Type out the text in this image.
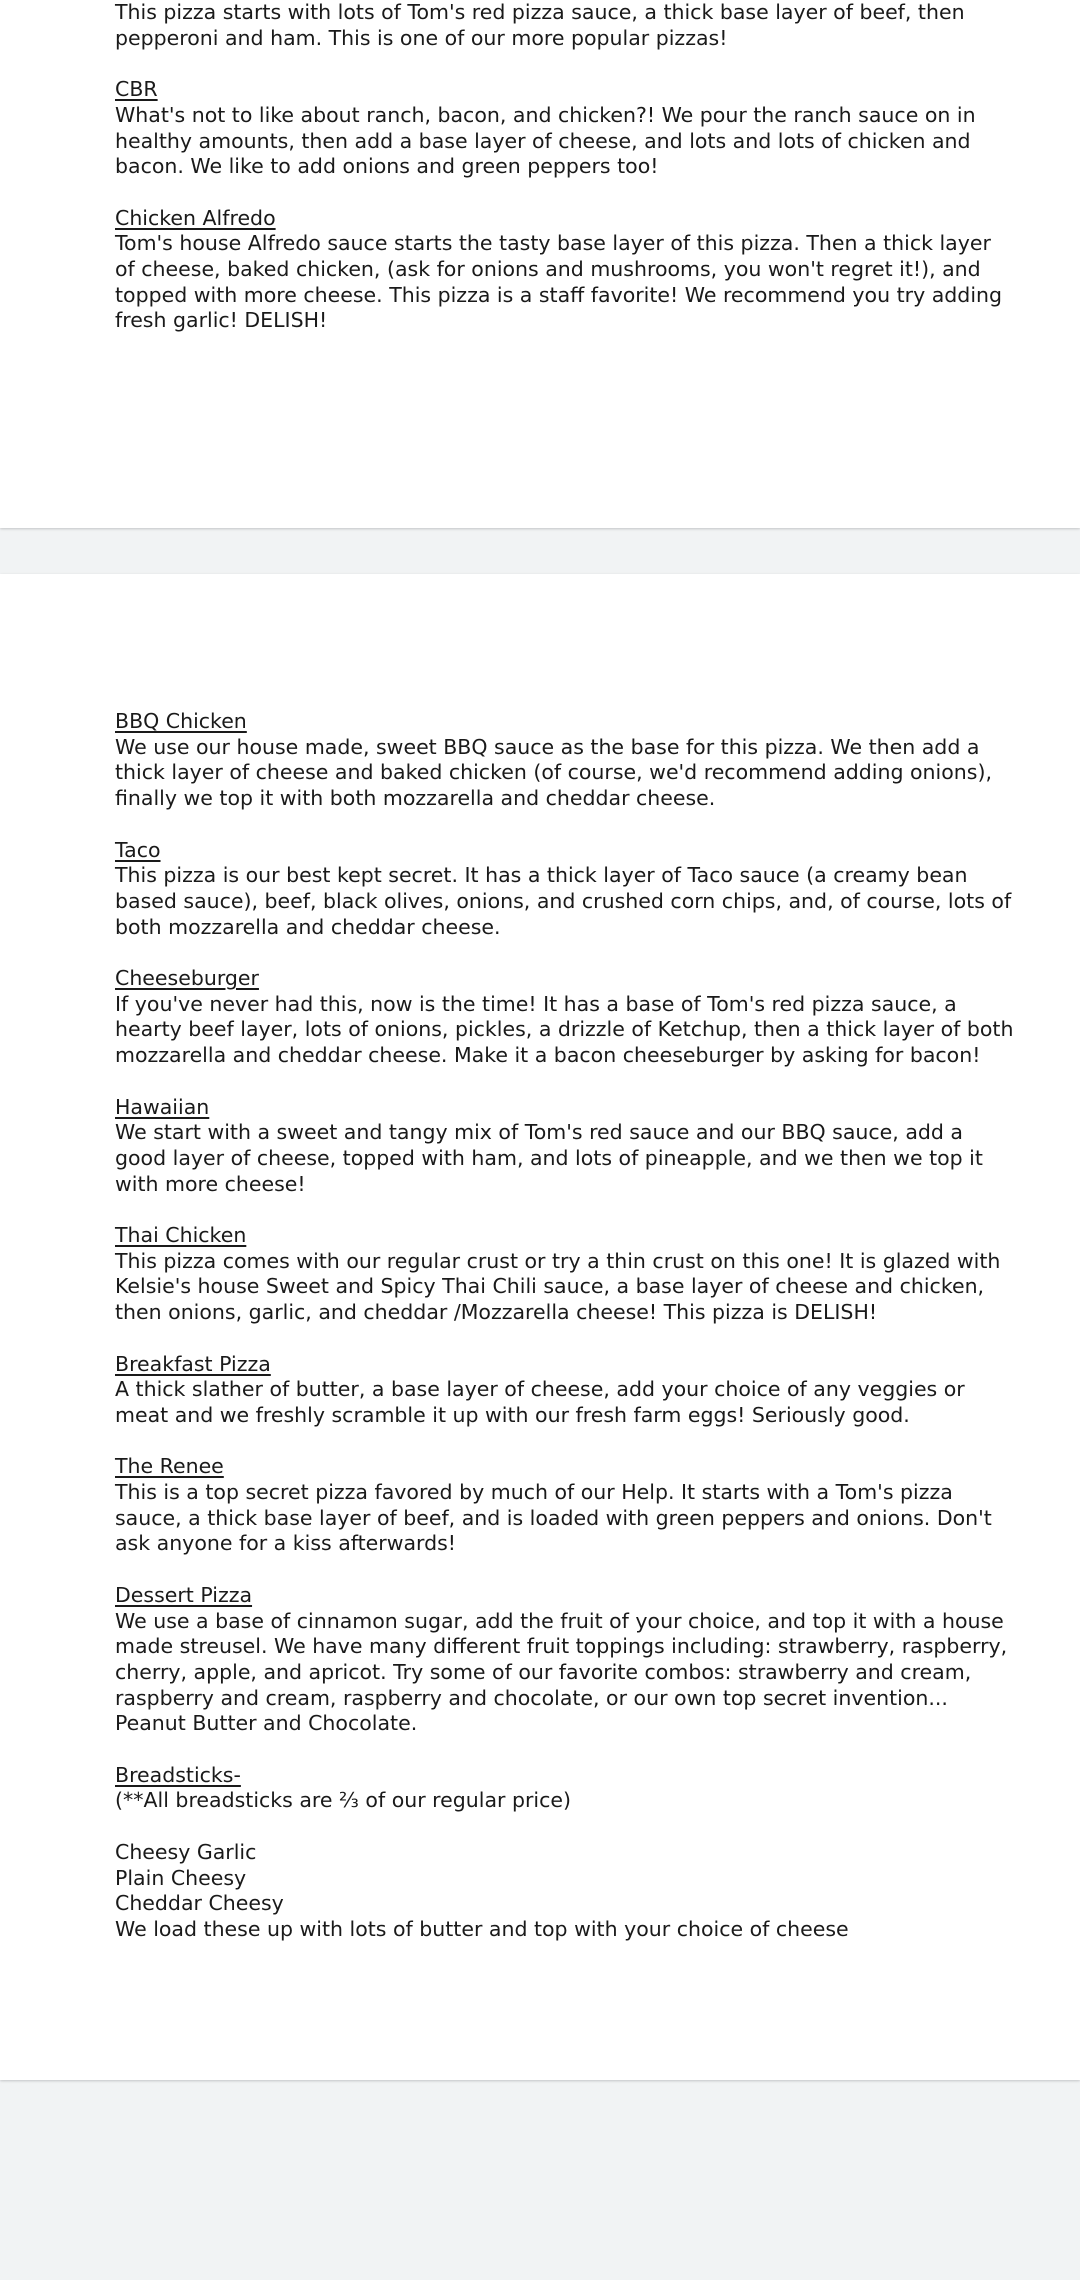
This pizza starts with lots of Tom's red pizza sauce, a thick base layer of beef, then pepperoni and ham. This is one of our more popular pizzas!
CBR
What's not to like about ranch, bacon, and chicken?! We pour the ranch sauce on in healthy amounts, then add a base layer of cheese, and lots and lots of chicken and bacon. We like to add onions and green peppers too!
Chicken Alfredo
Tom's house Alfredo sauce starts the tasty base layer of this pizza. Then a thick layer of cheese, baked chicken, (ask for onions and mushrooms, you won't regret it!), and topped with more cheese. This pizza is a staff favorite! We recommend you try adding fresh garlic! DELISH!
BBQ Chicken
We use our house made, sweet BBQ sauce as the base for this pizza. We then add a thick layer of cheese and baked chicken (of course, we'd recommend adding onions), finally we top it with both mozzarella and cheddar cheese.
Taco
This pizza is our best kept secret. It has a thick layer of Taco sauce (a creamy bean based sauce), beef, black olives, onions, and crushed corn chips, and, of course, lots of both mozzarella and cheddar cheese.
Cheeseburger
If you've never had this, now is the time! It has a base of Tom's red pizza sauce, a hearty beef layer, lots of onions, pickles, a drizzle of Ketchup, then a thick layer of both mozzarella and cheddar cheese. Make it a bacon cheeseburger by asking for bacon!
Hawaiian
We start with a sweet and tangy mix of Tom's red sauce and our BBQ sauce, add a good layer of cheese, topped with ham, and lots of pineapple, and we then we top it with more cheese!
Thai Chicken
This pizza comes with our regular crust or try a thin crust on this one! It is glazed with Kelsie's house Sweet and Spicy Thai Chili sauce, a base layer of cheese and chicken, then onions, garlic, and cheddar /Mozzarella cheese! This pizza is DELISH!
Breakfast Pizza
A thick slather of butter, a base layer of cheese, add your choice of any veggies or meat and we freshly scramble it up with our fresh farm eggs! Seriously good.
The Renee
This is a top secret pizza favored by much of our Help. It starts with a Tom's pizza sauce, a thick base layer of beef, and is loaded with green peppers and onions. Don't ask anyone for a kiss afterwards!
Dessert Pizza
We use a base of cinnamon sugar, add the fruit of your choice, and top it with a house made streusel. We have many different fruit toppings including: strawberry, raspberry, cherry, apple, and apricot. Try some of our favorite combos: strawberry and cream, raspberry and cream, raspberry and chocolate, or our own top secret invention... Peanut Butter and Chocolate.
Breadsticks-
(**All breadsticks are ⅔ of our regular price)
Cheesy Garlic
Plain Cheesy
Cheddar Cheesy
We load these up with lots of butter and top with your choice of cheese
